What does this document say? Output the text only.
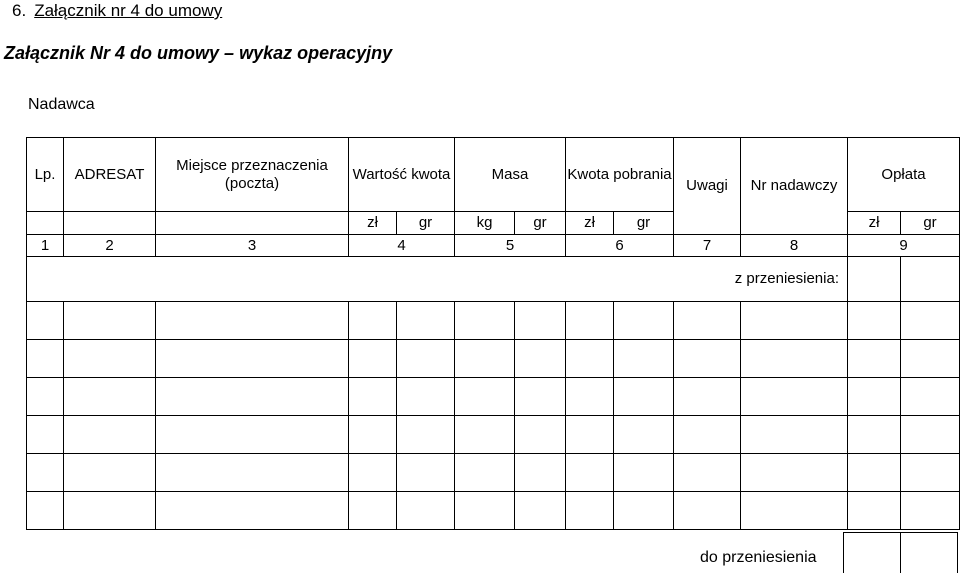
6. Załącznik nr 4 do umowy
Załącznik Nr 4 do umowy – wykaz operacyjny
Nadawca
Lp.	ADRESAT	Miejsce przeznaczenia (poczta)	Wartość kwota		Masa		Kwota pobrania		Uwagi	Nr nadawczy	Opłata	
			zł	gr	kg	gr	zł	gr			zł	gr
1	2	3	4		5		6		7	8	9	
z przeniesienia:												

do przeniesienia
